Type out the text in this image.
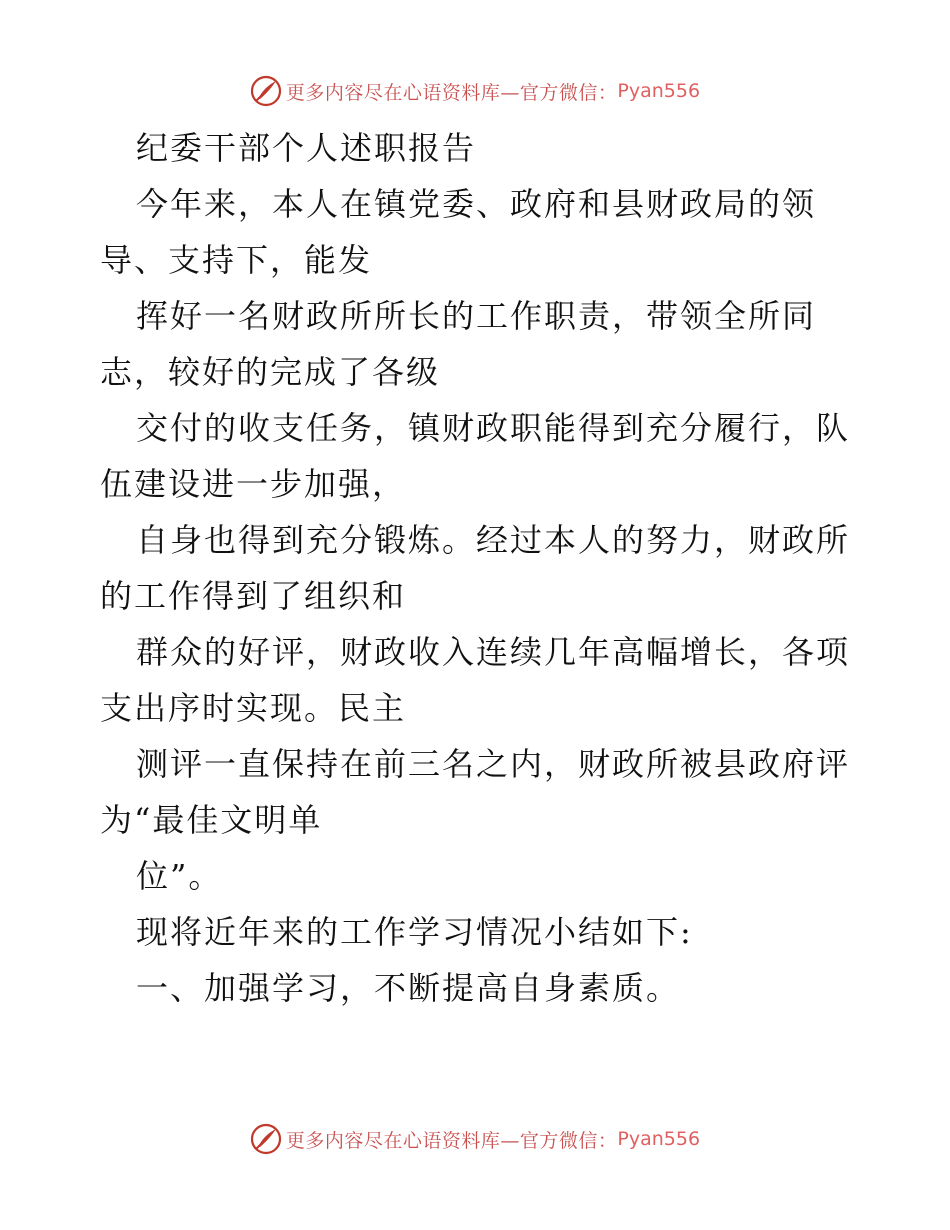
更多内容尽在心语资料库—官方微信： Pyan556

纪委干部个人述职报告

今年来，本人在镇党委、政府和县财政局的领

导、支持下，能发

挥好一名财政所所长的工作职责，带领全所同

志，较好的完成了各级

交付的收支任务，镇财政职能得到充分履行，队

伍建设进一步加强，

自身也得到充分锻炼。经过本人的努力，财政所

的工作得到了组织和

群众的好评，财政收入连续几年高幅增长，各项

支出序时实现。民主

测评一直保持在前三名之内，财政所被县政府评

为“最佳文明单

位”。

现将近年来的工作学习情况小结如下:

一、加强学习，不断提高自身素质。

更多内容尽在心语资料库—官方微信： Pyan556
